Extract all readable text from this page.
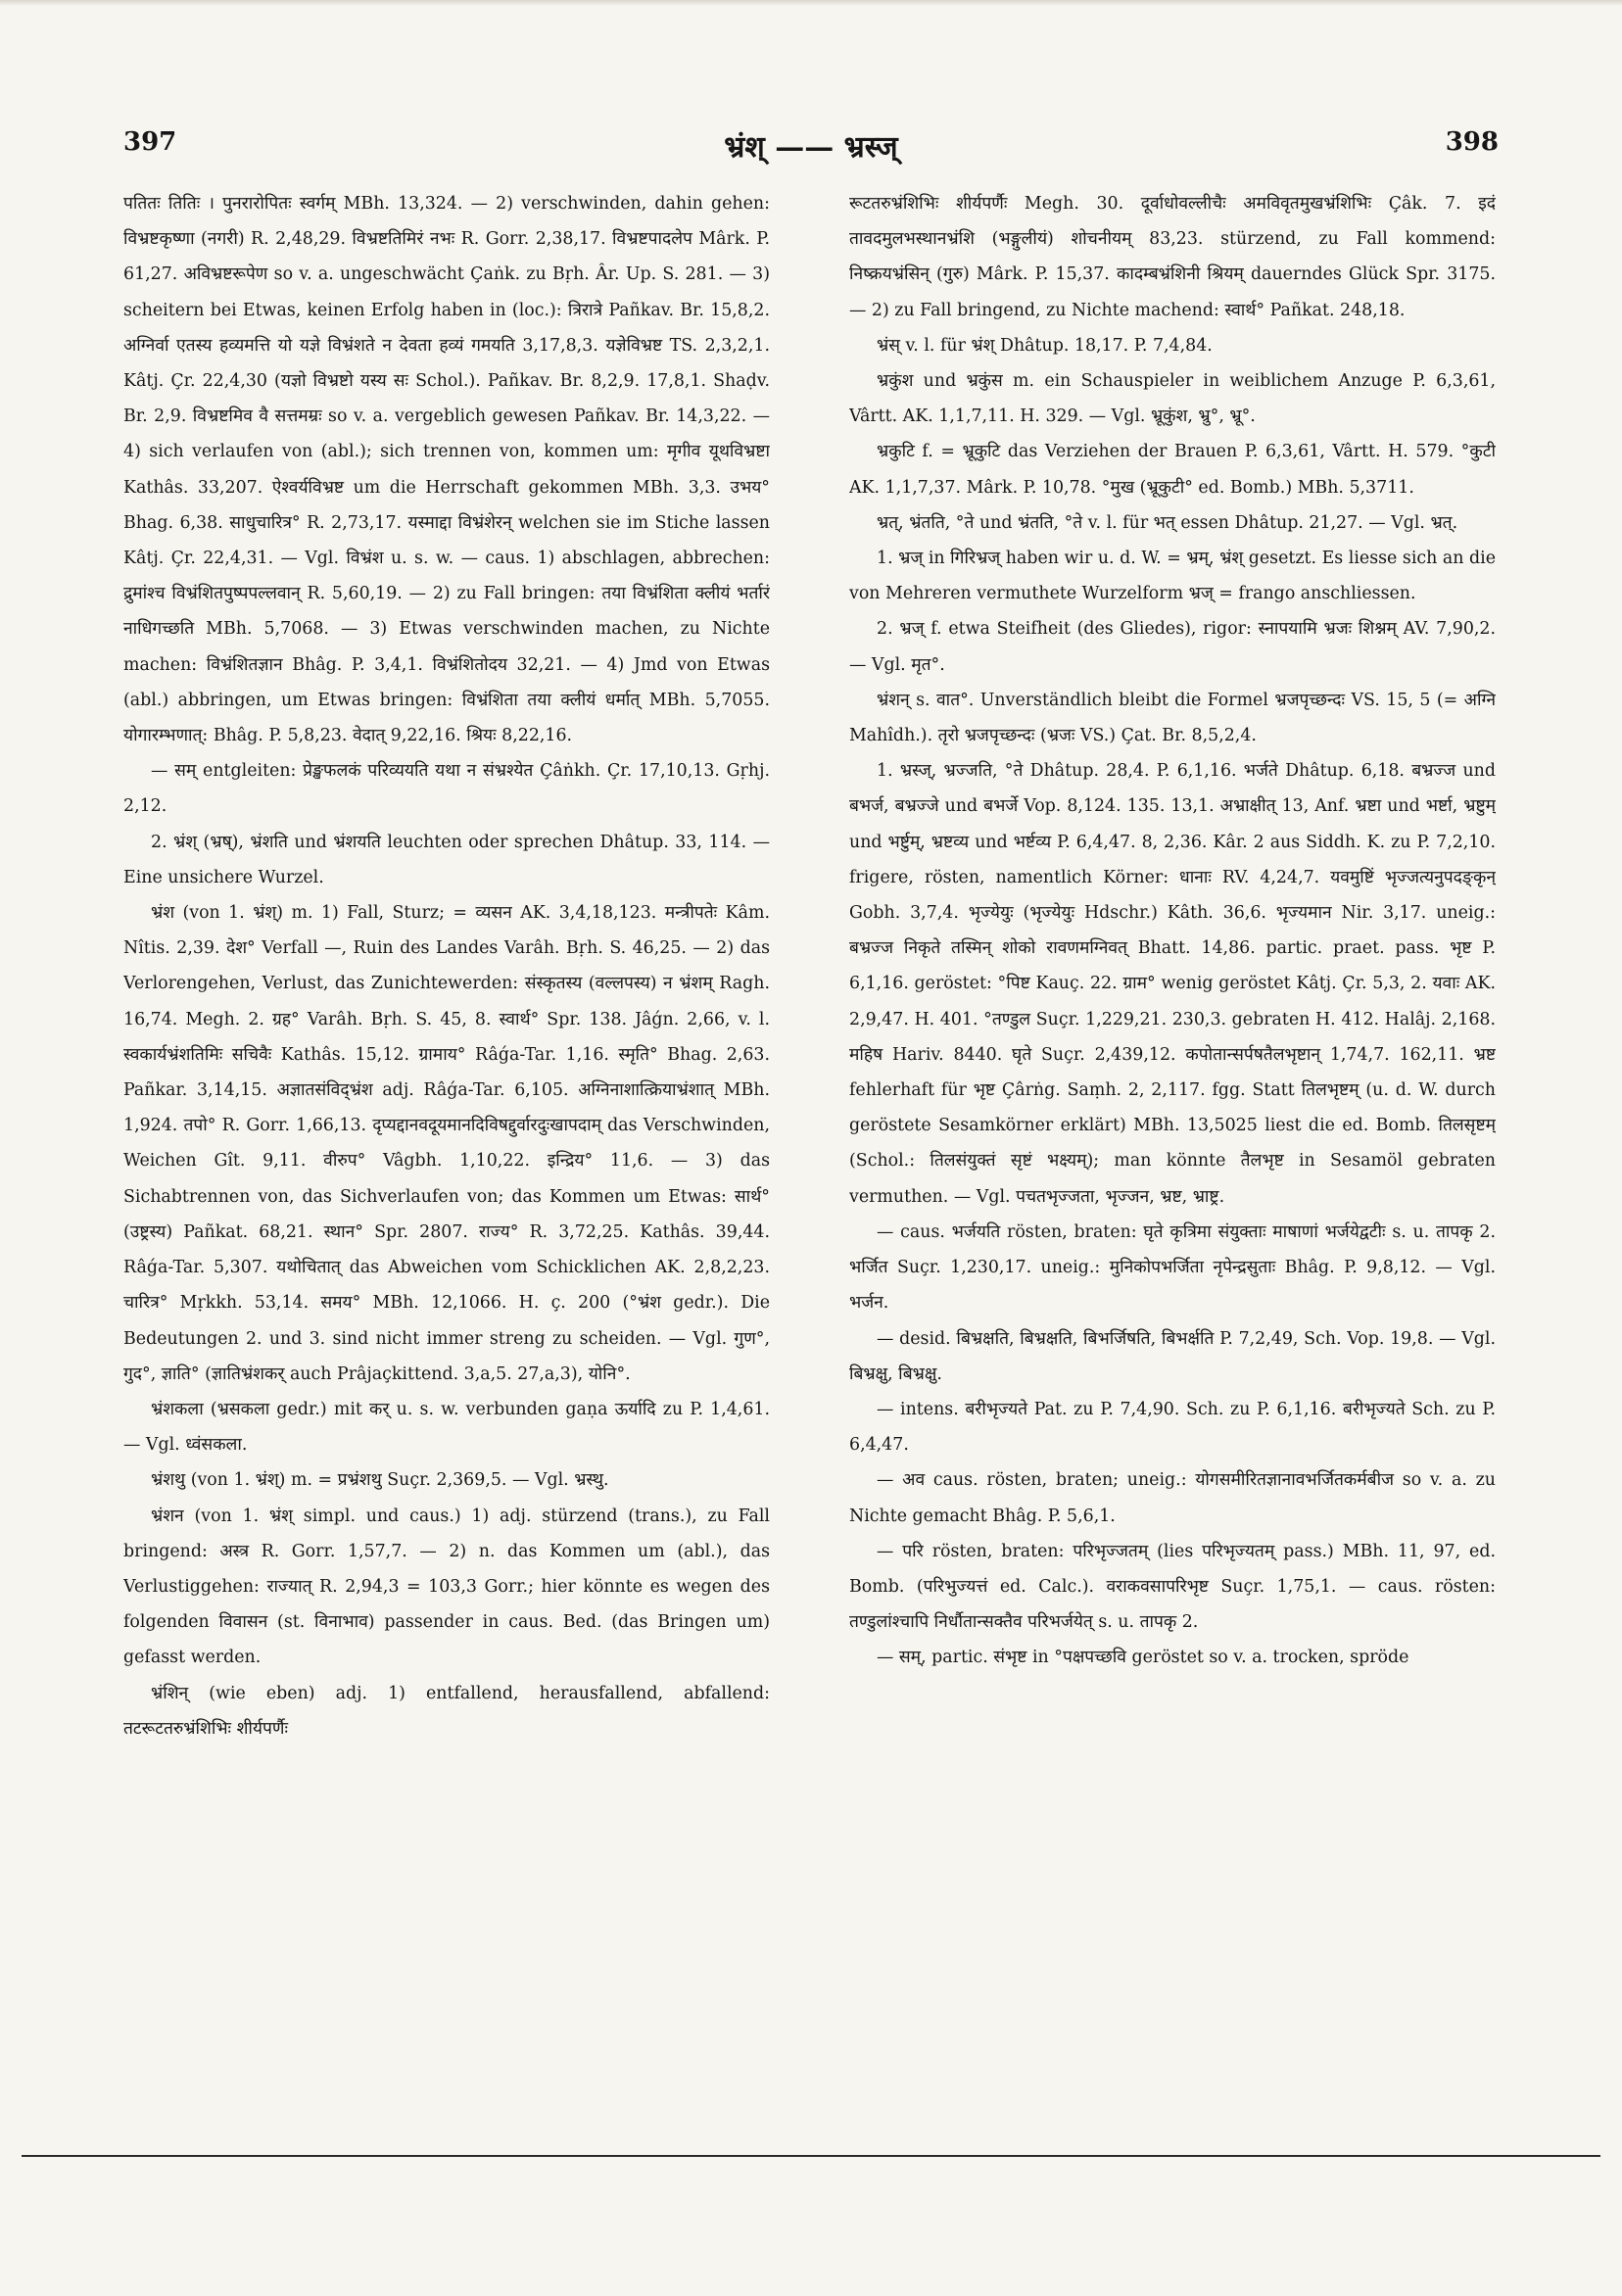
397	भ्रंश् —— भ्रस्ज्	398

पतितः तितिः । पुनरारोपितः स्वर्गम् MBh. 13,324. — 2) verschwinden, dahin gehen: विभ्रष्टकृष्णा (नगरी) R. 2,48,29. विभ्रष्टतिमिरं नभः R. Gorr. 2,38,17. विभ्रष्टपादलेप Mârk. P. 61,27. अविभ्रष्टरूपेण so v. a. ungeschwächt Çaṅk. zu Bṛh. Âr. Up. S. 281. — 3) scheitern bei Etwas, keinen Erfolg haben in (loc.): त्रिरात्रे Pañkav. Br. 15,8,2. अग्निर्वा एतस्य हव्यमत्ति यो यज्ञे विभ्रंशते न देवता हव्यं गमयति 3,17,8,3. यज्ञेविभ्रष्ट TS. 2,3,2,1. Kâtj. Çr. 22,4,30 (यज्ञो विभ्रष्टो यस्य सः Schol.). Pañkav. Br. 8,2,9. 17,8,1. Shaḍv. Br. 2,9. विभ्रष्टमिव वै सत्तमम्रः so v. a. vergeblich gewesen Pañkav. Br. 14,3,22. — 4) sich verlaufen von (abl.); sich trennen von, kommen um: मृगीव यूथविभ्रष्टा Kathâs. 33,207. ऐश्वर्यविभ्रष्ट um die Herrschaft gekommen MBh. 3,3. उभय° Bhag. 6,38. साधुचारित्र° R. 2,73,17. यस्माद्दा विभ्रंशेरन् welchen sie im Stiche lassen Kâtj. Çr. 22,4,31. — Vgl. विभ्रंश u. s. w. — caus. 1) abschlagen, abbrechen: द्रुमांश्च विभ्रंशितपुष्पपल्लवान् R. 5,60,19. — 2) zu Fall bringen: तया विभ्रंशिता क्लीयं भर्तारं नाधिगच्छति MBh. 5,7068. — 3) Etwas verschwinden machen, zu Nichte machen: विभ्रंशितज्ञान Bhâg. P. 3,4,1. विभ्रंशितोदय 32,21. — 4) Jmd von Etwas (abl.) abbringen, um Etwas bringen: विभ्रंशिता तया क्लीयं धर्मात् MBh. 5,7055. योगारम्भणात्: Bhâg. P. 5,8,23. वेदात् 9,22,16. श्रियः 8,22,16.

— सम् entgleiten: प्रेङ्खफलकं परिव्ययति यथा न संभ्रश्येत Çâṅkh. Çr. 17,10,13. Gṛhj. 2,12.

2. भ्रंश् (भ्रष्), भ्रंशति und भ्रंशयति leuchten oder sprechen Dhâtup. 33, 114. — Eine unsichere Wurzel.

भ्रंश (von 1. भ्रंश्) m. 1) Fall, Sturz; = व्यसन AK. 3,4,18,123. मन्त्रीपतेः Kâm. Nîtis. 2,39. देश° Verfall —, Ruin des Landes Varâh. Bṛh. S. 46,25. — 2) das Verlorengehen, Verlust, das Zunichtewerden: संस्कृतस्य (वल्लपस्य) न भ्रंशम् Ragh. 16,74. Megh. 2. ग्रह° Varâh. Bṛh. S. 45, 8. स्वार्थ° Spr. 138. Jâǵn. 2,66, v. l. स्वकार्यभ्रंशतिमिः सचिवैः Kathâs. 15,12. ग्रामाय° Râǵa-Tar. 1,16. स्मृति° Bhag. 2,63. Pañkar. 3,14,15. अज्ञातसंविद्भ्रंश adj. Râǵa-Tar. 6,105. अग्निनाशात्क्रियाभ्रंशात् MBh. 1,924. तपो° R. Gorr. 1,66,13. दृप्यद्दानवदूयमानदिविषद्दुर्वारदुःखापदाम् das Verschwinden, Weichen Gît. 9,11. वीरुप° Vâgbh. 1,10,22. इन्द्रिय° 11,6. — 3) das Sichabtrennen von, das Sichverlaufen von; das Kommen um Etwas: सार्थ° (उष्ट्रस्य) Pañkat. 68,21. स्थान° Spr. 2807. राज्य° R. 3,72,25. Kathâs. 39,44. Râǵa-Tar. 5,307. यथोचितात् das Abweichen vom Schicklichen AK. 2,8,2,23. चारित्र° Mṛkkh. 53,14. समय° MBh. 12,1066. H. ç. 200 (°भ्रंश gedr.). Die Bedeutungen 2. und 3. sind nicht immer streng zu scheiden. — Vgl. गुण°, गुद°, ज्ञाति° (ज्ञातिभ्रंशकर् auch Prâjaçkittend. 3,a,5. 27,a,3), योनि°.

भ्रंशकला (भ्रसकला gedr.) mit कर् u. s. w. verbunden gaṇa ऊर्यादि zu P. 1,4,61. — Vgl. ध्वंसकला.

भ्रंशथु (von 1. भ्रंश्) m. = प्रभ्रंशथु Suçr. 2,369,5. — Vgl. भ्रस्थु.

भ्रंशन (von 1. भ्रंश् simpl. und caus.) 1) adj. stürzend (trans.), zu Fall bringend: अस्त्र R. Gorr. 1,57,7. — 2) n. das Kommen um (abl.), das Verlustiggehen: राज्यात् R. 2,94,3 = 103,3 Gorr.; hier könnte es wegen des folgenden विवासन (st. विनाभाव) passender in caus. Bed. (das Bringen um) gefasst werden.

भ्रंशिन् (wie eben) adj. 1) entfallend, herausfallend, abfallend: तटरूटतरुभ्रंशिभिः शीर्यपर्णैः

रूटतरुभ्रंशिभिः शीर्यपर्णैः Megh. 30. दूर्वाधोवल्लीचैः अमविवृतमुखभ्रंशिभिः Çâk. 7. इदं तावदमुलभस्थानभ्रंशि (भङ्गुलीयं) शोचनीयम् 83,23. stürzend, zu Fall kommend: निष्क्रयभ्रंसिन् (गुरु) Mârk. P. 15,37. कादम्बभ्रंशिनी श्रियम् dauerndes Glück Spr. 3175. — 2) zu Fall bringend, zu Nichte machend: स्वार्थ° Pañkat. 248,18.

भ्रंस् v. l. für भ्रंश् Dhâtup. 18,17. P. 7,4,84.

भ्रकुंश und भ्रकुंस m. ein Schauspieler in weiblichem Anzuge P. 6,3,61, Vârtt. AK. 1,1,7,11. H. 329. — Vgl. भ्रूकुंश, भ्रु°, भ्रू°.

भ्रकुटि f. = भ्रूकुटि das Verziehen der Brauen P. 6,3,61, Vârtt. H. 579. °कुटी AK. 1,1,7,37. Mârk. P. 10,78. °मुख (भ्रूकुटी° ed. Bomb.) MBh. 5,3711.

भ्रत्, भ्रंतति, °ते und भ्रंतति, °ते v. l. für भत् essen Dhâtup. 21,27. — Vgl. भ्रत्.

1. भ्रज् in गिरिभ्रज् haben wir u. d. W. = भ्रम्, भ्रंश् gesetzt. Es liesse sich an die von Mehreren vermuthete Wurzelform भ्रज् = frango anschliessen.

2. भ्रज् f. etwa Steifheit (des Gliedes), rigor: स्नापयामि भ्रजः शिश्नम् AV. 7,90,2. — Vgl. मृत°.

भ्रंशन् s. वात°. Unverständlich bleibt die Formel भ्रजपृच्छन्दः VS. 15, 5 (= अग्नि Mahîdh.). तृरो भ्रजपृच्छन्दः (भ्रजः VS.) Çat. Br. 8,5,2,4.

1. भ्रस्ज्, भ्रज्जति, °ते Dhâtup. 28,4. P. 6,1,16. भर्जते Dhâtup. 6,18. बभ्रज्ज und बभर्ज, बभ्रज्जे und बभर्जे Vop. 8,124. 135. 13,1. अभ्राक्षीत् 13, Anf. भ्रष्टा und भर्ष्टा, भ्रष्टुम् und भर्ष्टुम्, भ्रष्टव्य und भर्ष्टव्य P. 6,4,47. 8, 2,36. Kâr. 2 aus Siddh. K. zu P. 7,2,10. frigere, rösten, namentlich Körner: धानाः RV. 4,24,7. यवमुष्टिं भृज्जत्यनुपदङ्कृन् Gobh. 3,7,4. भृज्येयुः (भृज्येयुः Hdschr.) Kâth. 36,6. भृज्यमान Nir. 3,17. uneig.: बभ्रज्ज निकृते तस्मिन् शोको रावणमग्निवत् Bhatt. 14,86. partic. praet. pass. भृष्ट P. 6,1,16. geröstet: °पिष्ट Kauç. 22. ग्राम° wenig geröstet Kâtj. Çr. 5,3, 2. यवाः AK. 2,9,47. H. 401. °तण्डुल Suçr. 1,229,21. 230,3. gebraten H. 412. Halâj. 2,168. महिष Hariv. 8440. घृते Suçr. 2,439,12. कपोतान्सर्पषतैलभृष्टान् 1,74,7. 162,11. भ्रष्ट fehlerhaft für भृष्ट Çârṅg. Saṃh. 2, 2,117. fgg. Statt तिलभृष्टम् (u. d. W. durch geröstete Sesamkörner erklärt) MBh. 13,5025 liest die ed. Bomb. तिलसृष्टम् (Schol.: तिलसंयुक्तं सृष्टं भक्ष्यम्); man könnte तैलभृष्ट in Sesamöl gebraten vermuthen. — Vgl. पचतभृज्जता, भृज्जन, भ्रष्ट, भ्राष्ट्र.

— caus. भर्जयति rösten, braten: घृते कृत्रिमा संयुक्ताः माषाणां भर्जयेद्वटीः s. u. तापकृ 2. भर्जित Suçr. 1,230,17. uneig.: मुनिकोपभर्जिता नृपेन्द्रसुताः Bhâg. P. 9,8,12. — Vgl. भर्जन.

— desid. बिभ्रक्षति, बिभ्रक्षति, बिभर्जिषति, बिभर्क्षति P. 7,2,49, Sch. Vop. 19,8. — Vgl. बिभ्रक्षु, बिभ्रक्षु.

— intens. बरीभृज्यते Pat. zu P. 7,4,90. Sch. zu P. 6,1,16. बरीभृज्यते Sch. zu P. 6,4,47.

— अव caus. rösten, braten; uneig.: योगसमीरितज्ञानावभर्जितकर्मबीज so v. a. zu Nichte gemacht Bhâg. P. 5,6,1.

— परि rösten, braten: परिभृज्जतम् (lies परिभृज्यतम् pass.) MBh. 11, 97, ed. Bomb. (परिभुज्यत्तं ed. Calc.). वराकवसापरिभृष्ट Suçr. 1,75,1. — caus. rösten: तण्डुलांश्चापि निर्धौतान्सक्तैव परिभर्जयेत् s. u. तापकृ 2.

— सम्, partic. संभृष्ट in °पक्षपच्छवि geröstet so v. a. trocken, spröde
